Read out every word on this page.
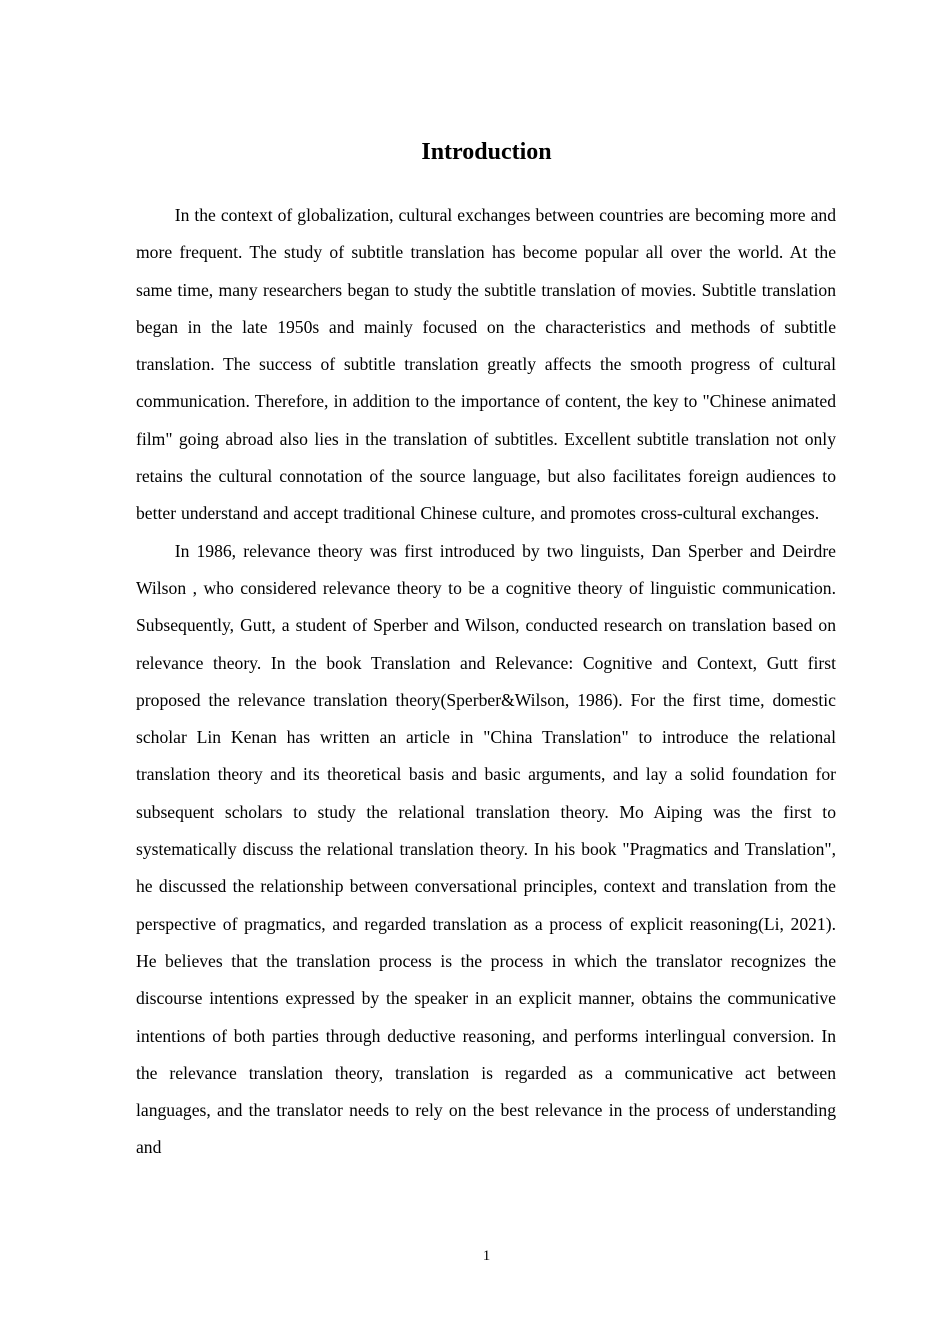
Introduction

In the context of globalization, cultural exchanges between countries are becoming more and more frequent. The study of subtitle translation has become popular all over the world. At the same time, many researchers began to study the subtitle translation of movies. Subtitle translation began in the late 1950s and mainly focused on the characteristics and methods of subtitle translation. The success of subtitle translation greatly affects the smooth progress of cultural communication. Therefore, in addition to the importance of content, the key to "Chinese animated film" going abroad also lies in the translation of subtitles. Excellent subtitle translation not only retains the cultural connotation of the source language, but also facilitates foreign audiences to better understand and accept traditional Chinese culture, and promotes cross-cultural exchanges.

In 1986, relevance theory was first introduced by two linguists, Dan Sperber and Deirdre Wilson , who considered relevance theory to be a cognitive theory of linguistic communication. Subsequently, Gutt, a student of Sperber and Wilson, conducted research on translation based on relevance theory. In the book Translation and Relevance: Cognitive and Context, Gutt first proposed the relevance translation theory(Sperber&Wilson, 1986). For the first time, domestic scholar Lin Kenan has written an article in "China Translation" to introduce the relational translation theory and its theoretical basis and basic arguments, and lay a solid foundation for subsequent scholars to study the relational translation theory. Mo Aiping was the first to systematically discuss the relational translation theory. In his book "Pragmatics and Translation", he discussed the relationship between conversational principles, context and translation from the perspective of pragmatics, and regarded translation as a process of explicit reasoning(Li, 2021). He believes that the translation process is the process in which the translator recognizes the discourse intentions expressed by the speaker in an explicit manner, obtains the communicative intentions of both parties through deductive reasoning, and performs interlingual conversion. In the relevance translation theory, translation is regarded as a communicative act between languages, and the translator needs to rely on the best relevance in the process of understanding and

1
